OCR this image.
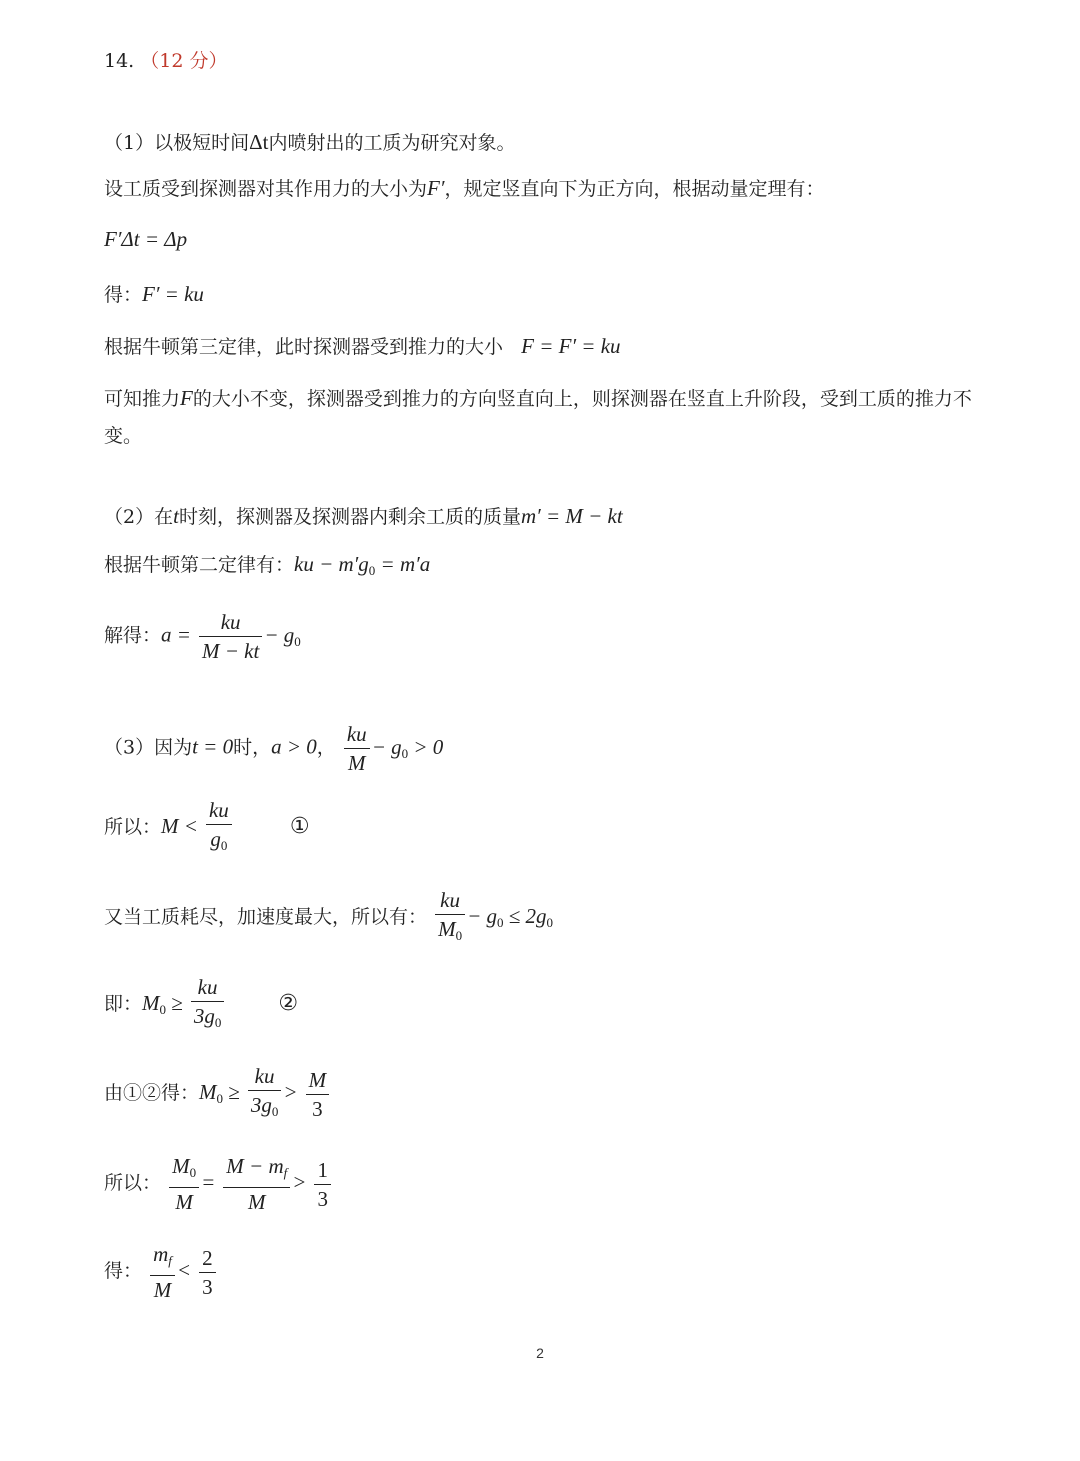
14. （12 分）
（1）以极短时间Δt内喷射出的工质为研究对象。
设工质受到探测器对其作用力的大小为F′，规定竖直向下为正方向，根据动量定理有：
F′Δt = Δp
得：F′ = ku
根据牛顿第三定律，此时探测器受到推力的大小 F = F′ = ku
可知推力F的大小不变，探测器受到推力的方向竖直向上，则探测器在竖直上升阶段，受到工质的推力不
变。
（2）在t时刻，探测器及探测器内剩余工质的质量m′ = M − kt
根据牛顿第二定律有：ku − $m'g_0 = m'a$
解得：$a = \frac{ku}{M - kt} - g_0$
（3）因为t = 0时，a > 0， $\frac{ku}{M} - g_0 > 0$
所以：$M < \frac{ku}{g_0}$	①
又当工质耗尽，加速度最大，所以有： $\frac{ku}{M_0} - g_0 \le 2g_0$
即：$M_0 \ge \frac{ku}{3g_0}$ ②
由①②得：$M_0 \ge \frac{ku}{3g_0} > \frac{M}{3}$
所以： $\frac{M_0}{M} = \frac{M - m_f}{M} > \frac{1}{3}$
得： $\frac{m_f}{M} < \frac{2}{3}$
2
